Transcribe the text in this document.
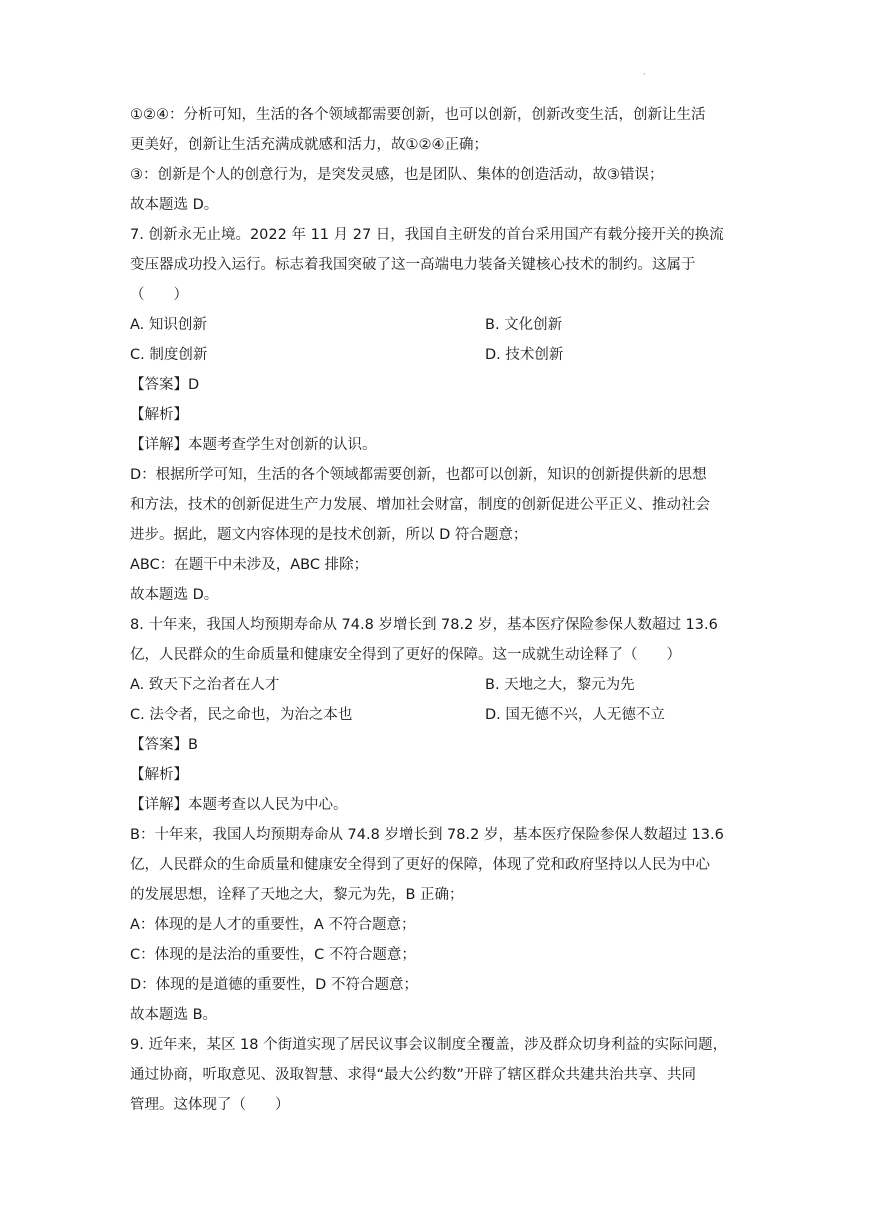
·
①②④：分析可知，生活的各个领域都需要创新，也可以创新，创新改变生活，创新让生活
更美好，创新让生活充满成就感和活力，故①②④正确；
③：创新是个人的创意行为，是突发灵感，也是团队、集体的创造活动，故③错误；
故本题选 D。
7. 创新永无止境。2022 年 11 月 27 日，我国自主研发的首台采用国产有载分接开关的换流
变压器成功投入运行。标志着我国突破了这一高端电力装备关键核心技术的制约。这属于
（　　）
A. 知识创新	B. 文化创新
C. 制度创新	D. 技术创新
【答案】D
【解析】
【详解】本题考查学生对创新的认识。
D：根据所学可知，生活的各个领域都需要创新，也都可以创新，知识的创新提供新的思想
和方法，技术的创新促进生产力发展、增加社会财富，制度的创新促进公平正义、推动社会
进步。据此，题文内容体现的是技术创新，所以 D 符合题意；
ABC：在题干中未涉及，ABC 排除；
故本题选 D。
8. 十年来，我国人均预期寿命从 74.8 岁增长到 78.2 岁，基本医疗保险参保人数超过 13.6
亿，人民群众的生命质量和健康安全得到了更好的保障。这一成就生动诠释了（　　）
A. 致天下之治者在人才	B. 天地之大，黎元为先
C. 法令者，民之命也，为治之本也	D. 国无德不兴，人无德不立
【答案】B
【解析】
【详解】本题考查以人民为中心。
B：十年来，我国人均预期寿命从 74.8 岁增长到 78.2 岁，基本医疗保险参保人数超过 13.6
亿，人民群众的生命质量和健康安全得到了更好的保障，体现了党和政府坚持以人民为中心
的发展思想，诠释了天地之大，黎元为先，B 正确；
A：体现的是人才的重要性，A 不符合题意；
C：体现的是法治的重要性，C 不符合题意；
D：体现的是道德的重要性，D 不符合题意；
故本题选 B。
9. 近年来，某区 18 个街道实现了居民议事会议制度全覆盖，涉及群众切身利益的实际问题，
通过协商，听取意见、汲取智慧、求得“最大公约数”开辟了辖区群众共建共治共享、共同
管理。这体现了（　　）
